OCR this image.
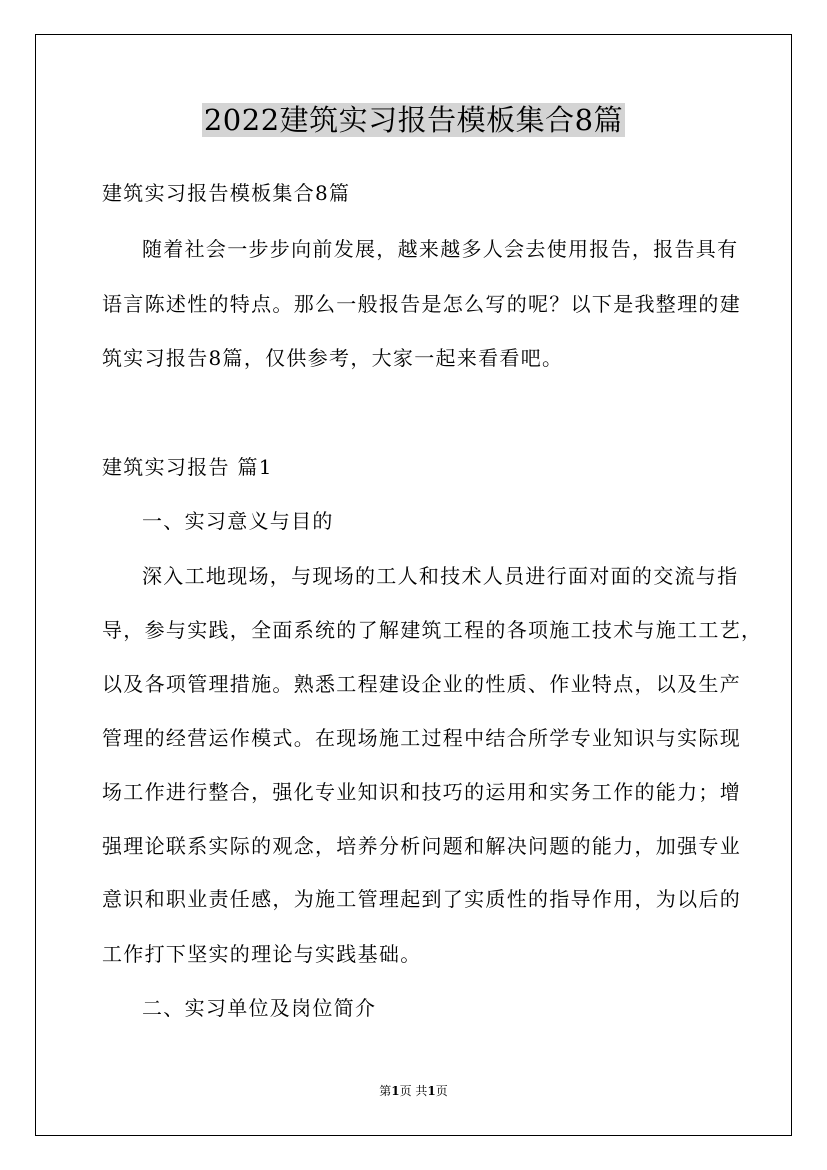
2022建筑实习报告模板集合8篇
建筑实习报告模板集合8篇
随着社会一步步向前发展，越来越多人会去使用报告，报告具有
语言陈述性的特点。那么一般报告是怎么写的呢？以下是我整理的建
筑实习报告8篇，仅供参考，大家一起来看看吧。
建筑实习报告 篇1
一、实习意义与目的
深入工地现场，与现场的工人和技术人员进行面对面的交流与指
导，参与实践，全面系统的了解建筑工程的各项施工技术与施工工艺，
以及各项管理措施。熟悉工程建设企业的性质、作业特点，以及生产
管理的经营运作模式。在现场施工过程中结合所学专业知识与实际现
场工作进行整合，强化专业知识和技巧的运用和实务工作的能力；增
强理论联系实际的观念，培养分析问题和解决问题的能力，加强专业
意识和职业责任感，为施工管理起到了实质性的指导作用，为以后的
工作打下坚实的理论与实践基础。
二、实习单位及岗位简介
第1页 共1页
